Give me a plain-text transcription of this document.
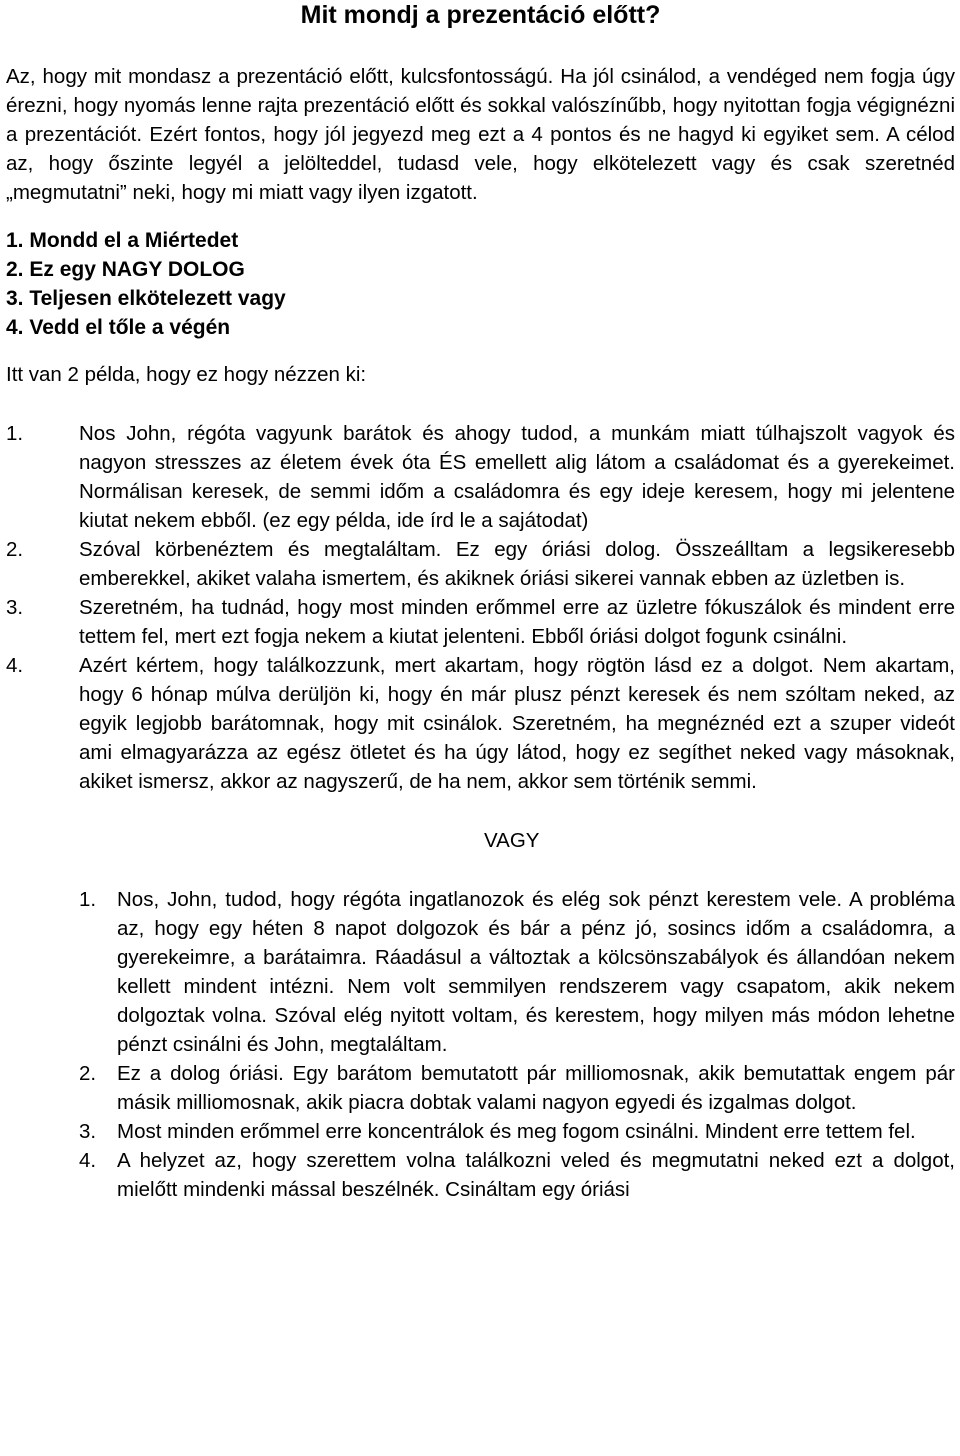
Mit mondj a prezentáció előtt?

Az, hogy mit mondasz a prezentáció előtt, kulcsfontosságú. Ha jól csinálod, a vendéged nem fogja úgy érezni, hogy nyomás lenne rajta prezentáció előtt és sokkal valószínűbb, hogy nyitottan fogja végignézni a prezentációt. Ezért fontos, hogy jól jegyezd meg ezt a 4 pontos és ne hagyd ki egyiket sem. A célod az, hogy őszinte legyél a jelölteddel, tudasd vele, hogy elkötelezett vagy és csak szeretnéd „megmutatni” neki, hogy mi miatt vagy ilyen izgatott.

1. Mondd el a Miértedet
2. Ez egy NAGY DOLOG
3. Teljesen elkötelezett vagy
4. Vedd el tőle a végén

Itt van 2 példa, hogy ez hogy nézzen ki:

1.	Nos John, régóta vagyunk barátok és ahogy tudod, a munkám miatt túlhajszolt vagyok és nagyon stresszes az életem évek óta ÉS emellett alig látom a családomat és a gyerekeimet. Normálisan keresek, de semmi időm a családomra és egy ideje keresem, hogy mi jelentene kiutat nekem ebből. (ez egy példa, ide írd le a sajátodat)
2.	Szóval körbenéztem és megtaláltam. Ez egy óriási dolog. Összeálltam a legsikeresebb emberekkel, akiket valaha ismertem, és akiknek óriási sikerei vannak ebben az üzletben is.
3.	Szeretném, ha tudnád, hogy most minden erőmmel erre az üzletre fókuszálok és mindent erre tettem fel, mert ezt fogja nekem a kiutat jelenteni. Ebből óriási dolgot fogunk csinálni.
4.	Azért kértem, hogy találkozzunk, mert akartam, hogy rögtön lásd ez a dolgot. Nem akartam, hogy 6 hónap múlva derüljön ki, hogy én már plusz pénzt keresek és nem szóltam neked, az egyik legjobb barátomnak, hogy mit csinálok. Szeretném, ha megnéznéd ezt a szuper videót ami elmagyarázza az egész ötletet és ha úgy látod, hogy ez segíthet neked vagy másoknak, akiket ismersz, akkor az nagyszerű, de ha nem, akkor sem történik semmi.

VAGY

1. Nos, John, tudod, hogy régóta ingatlanozok és elég sok pénzt kerestem vele. A probléma az, hogy egy héten 8 napot dolgozok és bár a pénz jó, sosincs időm a családomra, a gyerekeimre, a barátaimra. Ráadásul a változtak a kölcsönszabályok és állandóan nekem kellett mindent intézni. Nem volt semmilyen rendszerem vagy csapatom, akik nekem dolgoztak volna. Szóval elég nyitott voltam, és kerestem, hogy milyen más módon lehetne pénzt csinálni és John, megtaláltam.
2. Ez a dolog óriási. Egy barátom bemutatott pár milliomosnak, akik bemutattak engem pár másik milliomosnak, akik piacra dobtak valami nagyon egyedi és izgalmas dolgot.
3. Most minden erőmmel erre koncentrálok és meg fogom csinálni. Mindent erre tettem fel.
4. A helyzet az, hogy szerettem volna találkozni veled és megmutatni neked ezt a dolgot, mielőtt mindenki mással beszélnék. Csináltam egy óriási
